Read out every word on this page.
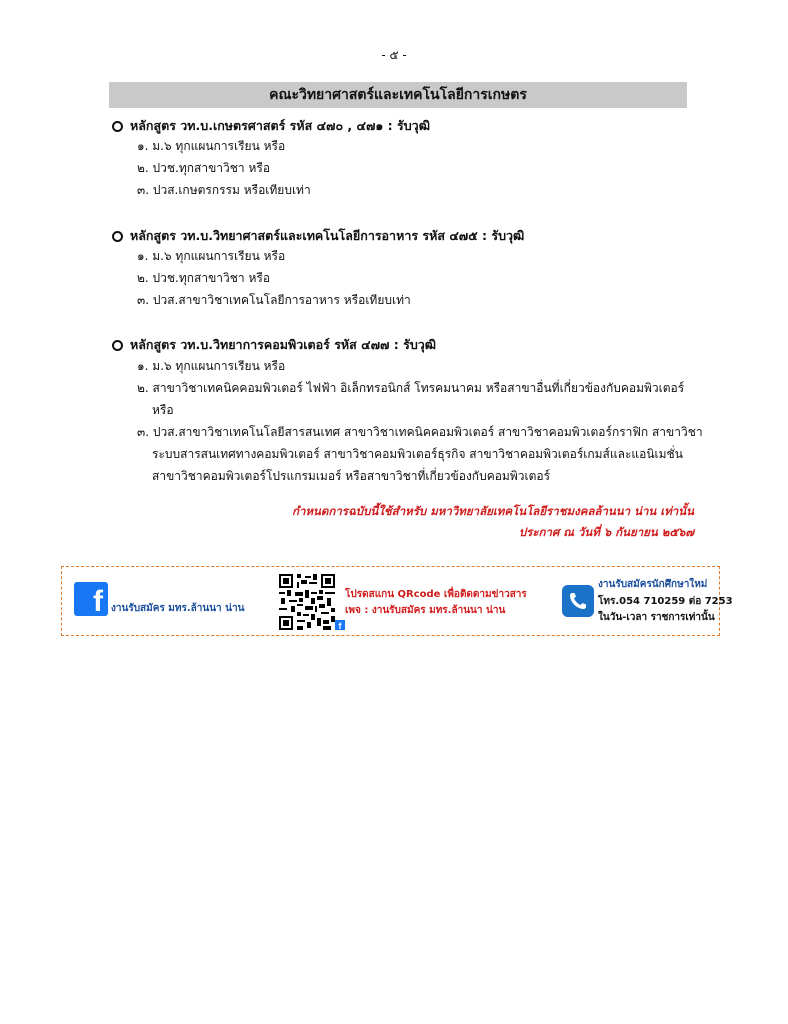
- ๕ -
คณะวิทยาศาสตร์และเทคโนโลยีการเกษตร
หลักสูตร วท.บ.เกษตรศาสตร์ รหัส ๔๗๐ , ๔๗๑ : รับวุฒิ
๑. ม.๖ ทุกแผนการเรียน หรือ
๒. ปวช.ทุกสาขาวิชา หรือ
๓. ปวส.เกษตรกรรม หรือเทียบเท่า
หลักสูตร วท.บ.วิทยาศาสตร์และเทคโนโลยีการอาหาร รหัส ๔๗๕ : รับวุฒิ
๑. ม.๖ ทุกแผนการเรียน หรือ
๒. ปวช.ทุกสาขาวิชา หรือ
๓. ปวส.สาขาวิชาเทคโนโลยีการอาหาร หรือเทียบเท่า
หลักสูตร วท.บ.วิทยาการคอมพิวเตอร์ รหัส ๔๗๗ : รับวุฒิ
๑. ม.๖ ทุกแผนการเรียน หรือ
๒. สาขาวิชาเทคนิคคอมพิวเตอร์ ไฟฟ้า อิเล็กทรอนิกส์ โทรคมนาคม หรือสาขาอื่นที่เกี่ยวข้องกับคอมพิวเตอร์
หรือ
๓. ปวส.สาขาวิชาเทคโนโลยีสารสนเทศ สาขาวิชาเทคนิคคอมพิวเตอร์ สาขาวิชาคอมพิวเตอร์กราฟิก สาขาวิชา
ระบบสารสนเทศทางคอมพิวเตอร์ สาขาวิชาคอมพิวเตอร์ธุรกิจ สาขาวิชาคอมพิวเตอร์เกมส์และแอนิเมชั่น
สาขาวิชาคอมพิวเตอร์โปรแกรมเมอร์ หรือสาขาวิชาที่เกี่ยวข้องกับคอมพิวเตอร์
กำหนดการฉบับนี้ใช้สำหรับ มหาวิทยาลัยเทคโนโลยีราชมงคลล้านนา น่าน เท่านั้น
ประกาศ ณ วันที่ ๖ กันยายน ๒๕๖๗
f งานรับสมัคร มทร.ล้านนา น่าน
f
โปรดสแกน QRcode เพื่อติดตามข่าวสาร
เพจ : งานรับสมัคร มทร.ล้านนา น่าน
งานรับสมัครนักศึกษาใหม่
โทร.054 710259 ต่อ 7253
ในวัน-เวลา ราชการเท่านั้น
